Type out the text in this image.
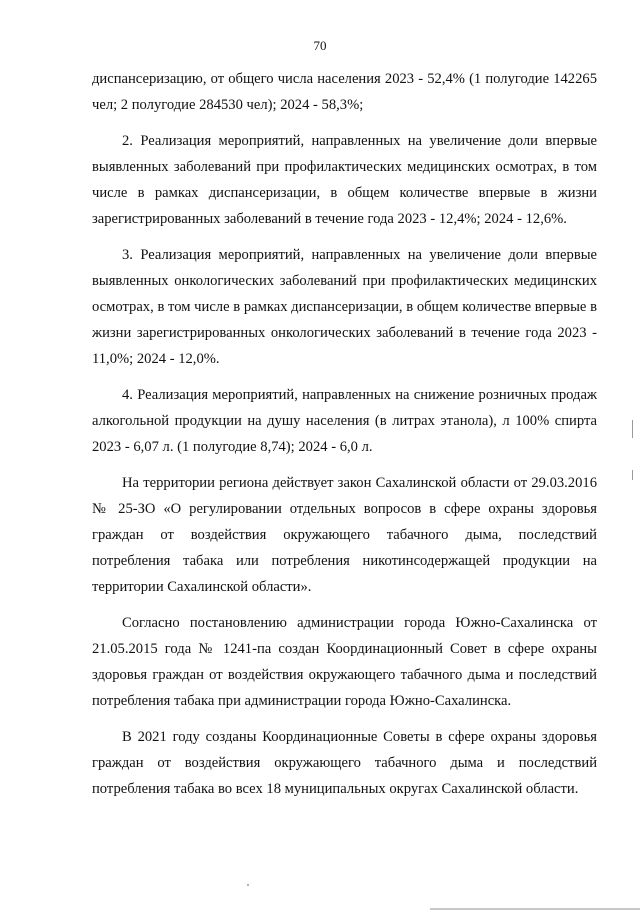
70

диспансеризацию, от общего числа населения 2023 - 52,4% (1 полугодие 142265 чел; 2 полугодие 284530 чел); 2024 - 58,3%;

2. Реализация мероприятий, направленных на увеличение доли впервые выявленных заболеваний при профилактических медицинских осмотрах, в том числе в рамках диспансеризации, в общем количестве впервые в жизни зарегистрированных заболеваний в течение года 2023 - 12,4%; 2024 - 12,6%.

3. Реализация мероприятий, направленных на увеличение доли впервые выявленных онкологических заболеваний при профилактических медицинских осмотрах, в том числе в рамках диспансеризации, в общем количестве впервые в жизни зарегистрированных онкологических заболеваний в течение года 2023 - 11,0%; 2024 - 12,0%.

4. Реализация мероприятий, направленных на снижение розничных продаж алкогольной продукции на душу населения (в литрах этанола), л 100% спирта 2023 - 6,07 л. (1 полугодие 8,74); 2024 - 6,0 л.

На территории региона действует закон Сахалинской области от 29.03.2016 № 25-ЗО «О регулировании отдельных вопросов в сфере охраны здоровья граждан от воздействия окружающего табачного дыма, последствий потребления табака или потребления никотинсодержащей продукции на территории Сахалинской области».

Согласно постановлению администрации города Южно-Сахалинска от 21.05.2015 года № 1241-па создан Координационный Совет в сфере охраны здоровья граждан от воздействия окружающего табачного дыма и последствий потребления табака при администрации города Южно-Сахалинска.

В 2021 году созданы Координационные Советы в сфере охраны здоровья граждан от воздействия окружающего табачного дыма и последствий потребления табака во всех 18 муниципальных округах Сахалинской области.
